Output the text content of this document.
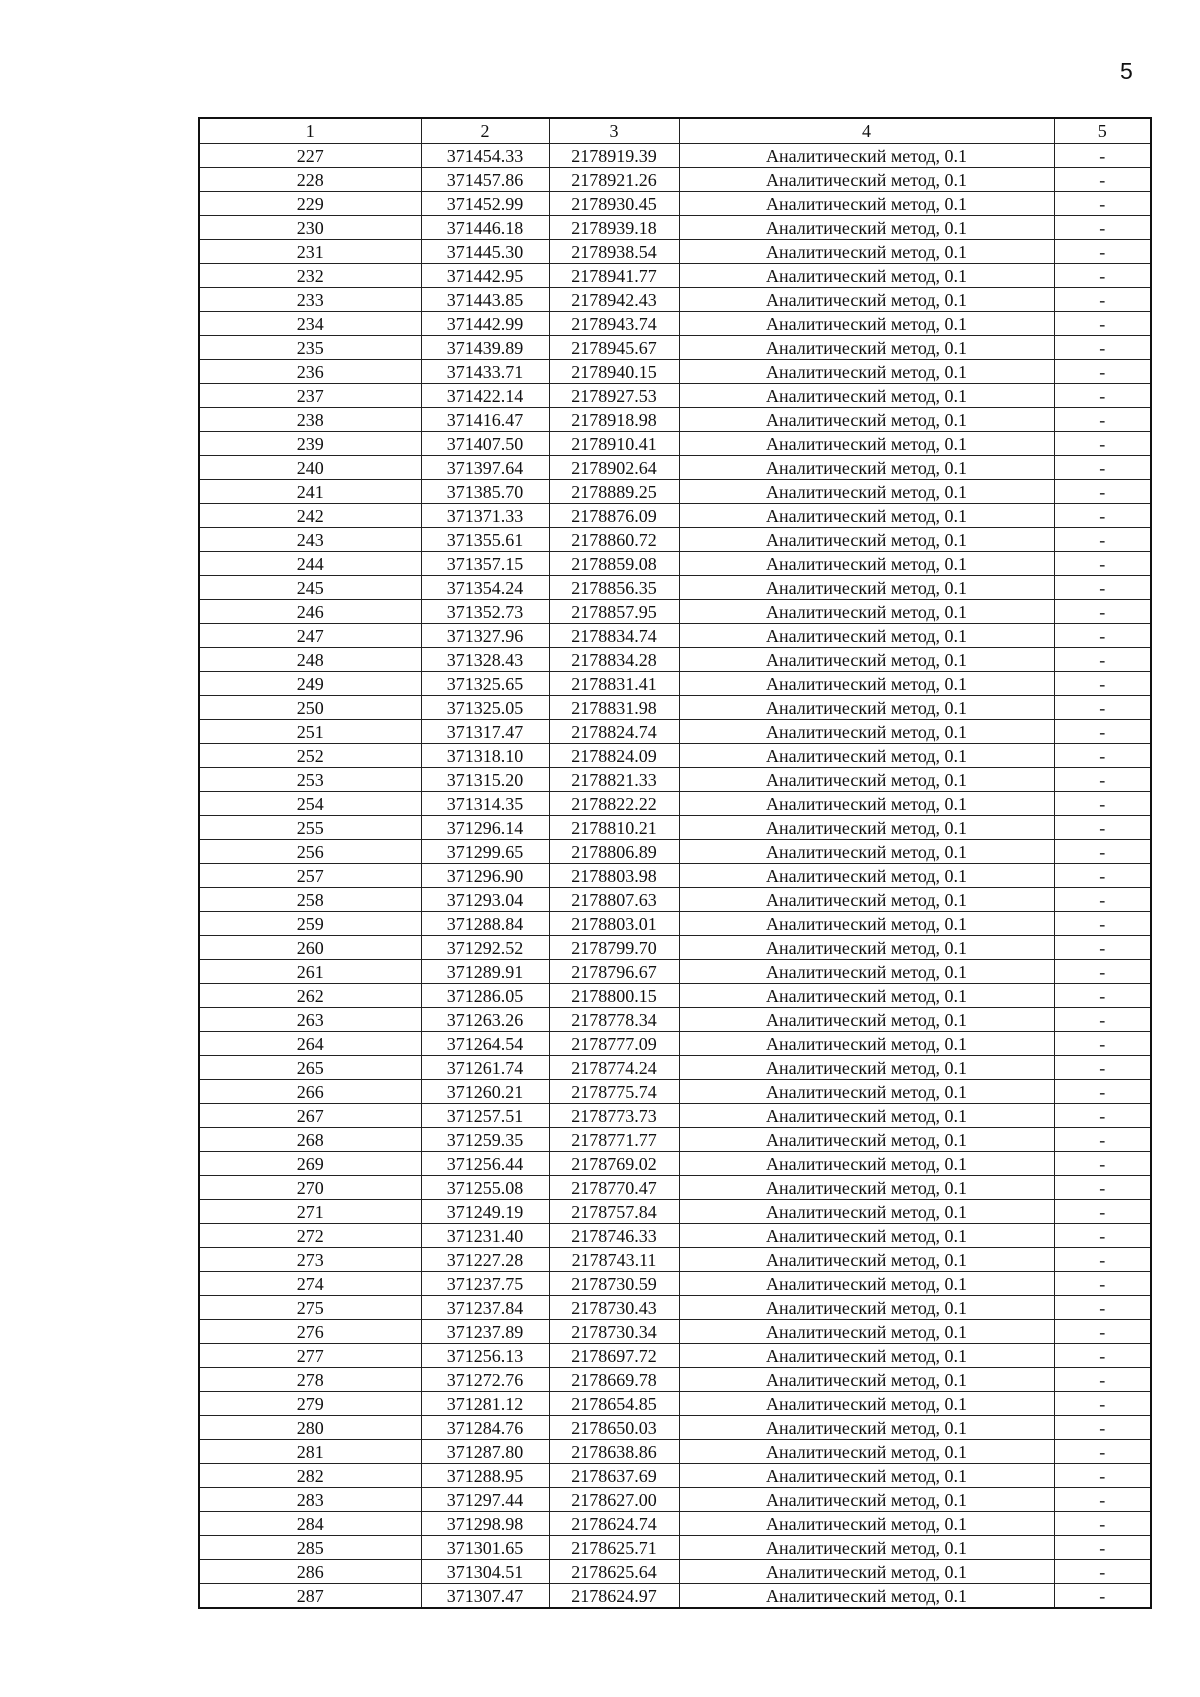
5
1	2	3	4	5
227	371454.33	2178919.39	Аналитический метод, 0.1	-
228	371457.86	2178921.26	Аналитический метод, 0.1	-
229	371452.99	2178930.45	Аналитический метод, 0.1	-
230	371446.18	2178939.18	Аналитический метод, 0.1	-
231	371445.30	2178938.54	Аналитический метод, 0.1	-
232	371442.95	2178941.77	Аналитический метод, 0.1	-
233	371443.85	2178942.43	Аналитический метод, 0.1	-
234	371442.99	2178943.74	Аналитический метод, 0.1	-
235	371439.89	2178945.67	Аналитический метод, 0.1	-
236	371433.71	2178940.15	Аналитический метод, 0.1	-
237	371422.14	2178927.53	Аналитический метод, 0.1	-
238	371416.47	2178918.98	Аналитический метод, 0.1	-
239	371407.50	2178910.41	Аналитический метод, 0.1	-
240	371397.64	2178902.64	Аналитический метод, 0.1	-
241	371385.70	2178889.25	Аналитический метод, 0.1	-
242	371371.33	2178876.09	Аналитический метод, 0.1	-
243	371355.61	2178860.72	Аналитический метод, 0.1	-
244	371357.15	2178859.08	Аналитический метод, 0.1	-
245	371354.24	2178856.35	Аналитический метод, 0.1	-
246	371352.73	2178857.95	Аналитический метод, 0.1	-
247	371327.96	2178834.74	Аналитический метод, 0.1	-
248	371328.43	2178834.28	Аналитический метод, 0.1	-
249	371325.65	2178831.41	Аналитический метод, 0.1	-
250	371325.05	2178831.98	Аналитический метод, 0.1	-
251	371317.47	2178824.74	Аналитический метод, 0.1	-
252	371318.10	2178824.09	Аналитический метод, 0.1	-
253	371315.20	2178821.33	Аналитический метод, 0.1	-
254	371314.35	2178822.22	Аналитический метод, 0.1	-
255	371296.14	2178810.21	Аналитический метод, 0.1	-
256	371299.65	2178806.89	Аналитический метод, 0.1	-
257	371296.90	2178803.98	Аналитический метод, 0.1	-
258	371293.04	2178807.63	Аналитический метод, 0.1	-
259	371288.84	2178803.01	Аналитический метод, 0.1	-
260	371292.52	2178799.70	Аналитический метод, 0.1	-
261	371289.91	2178796.67	Аналитический метод, 0.1	-
262	371286.05	2178800.15	Аналитический метод, 0.1	-
263	371263.26	2178778.34	Аналитический метод, 0.1	-
264	371264.54	2178777.09	Аналитический метод, 0.1	-
265	371261.74	2178774.24	Аналитический метод, 0.1	-
266	371260.21	2178775.74	Аналитический метод, 0.1	-
267	371257.51	2178773.73	Аналитический метод, 0.1	-
268	371259.35	2178771.77	Аналитический метод, 0.1	-
269	371256.44	2178769.02	Аналитический метод, 0.1	-
270	371255.08	2178770.47	Аналитический метод, 0.1	-
271	371249.19	2178757.84	Аналитический метод, 0.1	-
272	371231.40	2178746.33	Аналитический метод, 0.1	-
273	371227.28	2178743.11	Аналитический метод, 0.1	-
274	371237.75	2178730.59	Аналитический метод, 0.1	-
275	371237.84	2178730.43	Аналитический метод, 0.1	-
276	371237.89	2178730.34	Аналитический метод, 0.1	-
277	371256.13	2178697.72	Аналитический метод, 0.1	-
278	371272.76	2178669.78	Аналитический метод, 0.1	-
279	371281.12	2178654.85	Аналитический метод, 0.1	-
280	371284.76	2178650.03	Аналитический метод, 0.1	-
281	371287.80	2178638.86	Аналитический метод, 0.1	-
282	371288.95	2178637.69	Аналитический метод, 0.1	-
283	371297.44	2178627.00	Аналитический метод, 0.1	-
284	371298.98	2178624.74	Аналитический метод, 0.1	-
285	371301.65	2178625.71	Аналитический метод, 0.1	-
286	371304.51	2178625.64	Аналитический метод, 0.1	-
287	371307.47	2178624.97	Аналитический метод, 0.1	-
